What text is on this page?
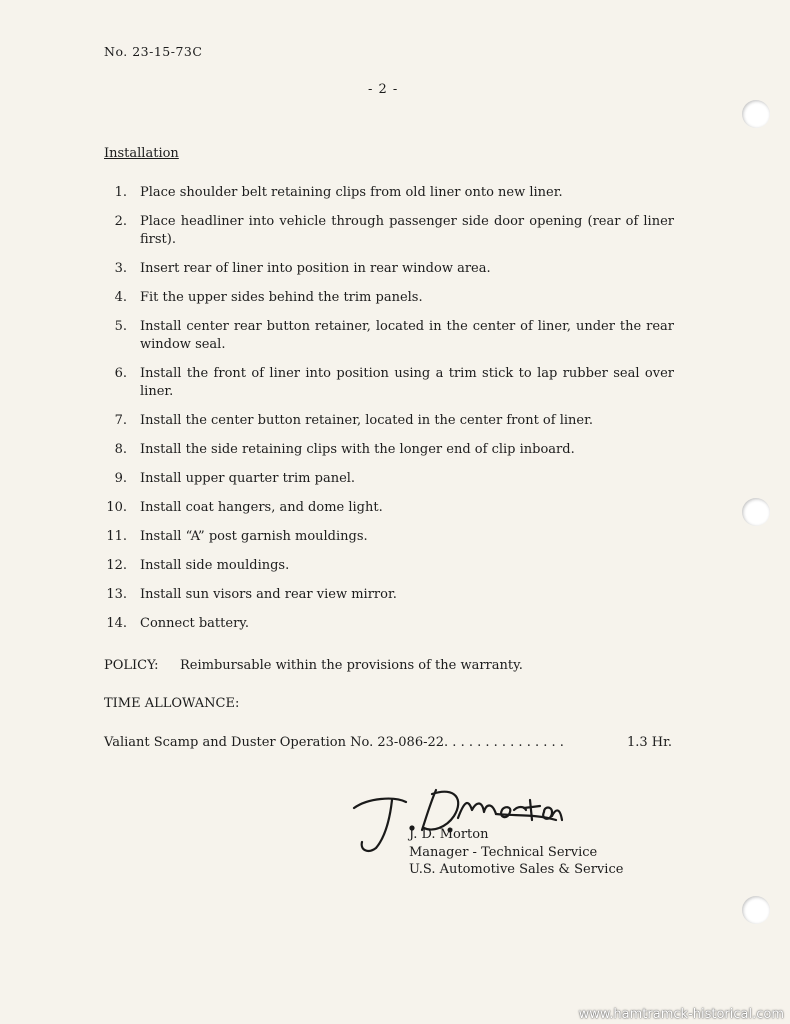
No. 23-15-73C
- 2 -
Installation
1. Place shoulder belt retaining clips from old liner onto new liner.
2. Place headliner into vehicle through passenger side door opening (rear of liner first).
3. Insert rear of liner into position in rear window area.
4. Fit the upper sides behind the trim panels.
5. Install center rear button retainer, located in the center of liner, under the rear window seal.
6. Install the front of liner into position using a trim stick to lap rubber seal over liner.
7. Install the center button retainer, located in the center front of liner.
8. Install the side retaining clips with the longer end of clip inboard.
9. Install upper quarter trim panel.
10. Install coat hangers, and dome light.
11. Install “A” post garnish mouldings.
12. Install side mouldings.
13. Install sun visors and rear view mirror.
14. Connect battery.
POLICY: Reimbursable within the provisions of the warranty.
TIME ALLOWANCE:
Valiant Scamp and Duster Operation No. 23-086-22. . . . . . . . . . . . . . .	1.3 Hr.
J. D. Morton
Manager - Technical Service
U.S. Automotive Sales & Service
www.hamtramck-historical.com
